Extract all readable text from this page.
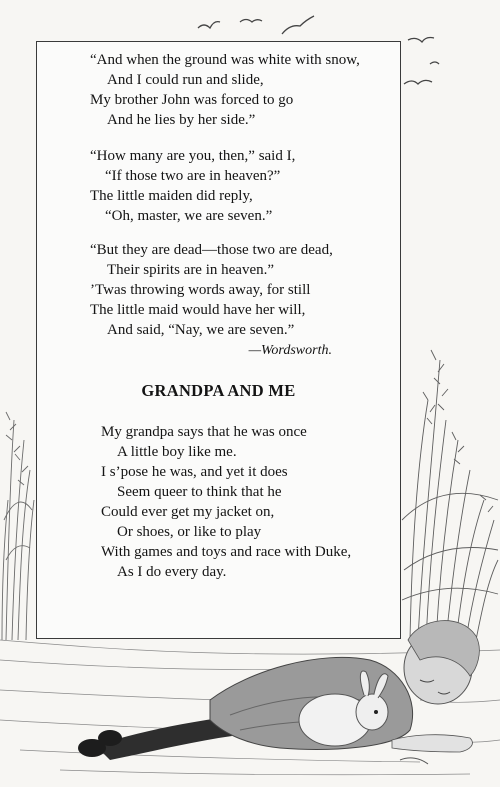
“And when the ground was white with snow,
And I could run and slide,
My brother John was forced to go
And he lies by her side.”
“How many are you, then,” said I,
“If those two are in heaven?”
The little maiden did reply,
“Oh, master, we are seven.”
“But they are dead—those two are dead,
Their spirits are in heaven.”
’Twas throwing words away, for still
The little maid would have her will,
And said, “Nay, we are seven.”
—Wordsworth.
GRANDPA AND ME
My grandpa says that he was once
A little boy like me.
I s’pose he was, and yet it does
Seem queer to think that he
Could ever get my jacket on,
Or shoes, or like to play
With games and toys and race with Duke,
As I do every day.
